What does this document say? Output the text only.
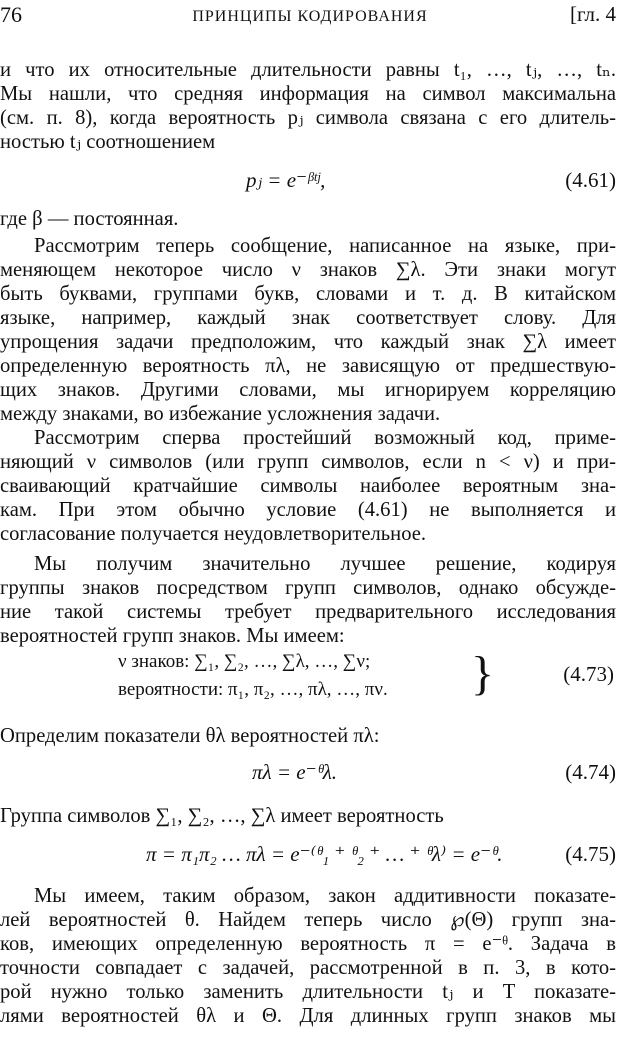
76	ПРИНЦИПЫ КОДИРОВАНИЯ	[гл. 4
и что их относительные длительности равны t₁, …, tⱼ, …, tₙ.
Мы нашли, что средняя информация на символ максимальна
(см. п. 8), когда вероятность pⱼ символа связана с его длитель-
ностью tⱼ соотношением
pⱼ = e⁻ᵝᵗʲ,	(4.61)
где β — постоянная.
Рассмотрим теперь сообщение, написанное на языке, при-
меняющем некоторое число ν знаков ∑λ. Эти знаки могут
быть буквами, группами букв, словами и т. д. В китайском
языке, например, каждый знак соответствует слову. Для
упрощения задачи предположим, что каждый знак ∑λ имеет
определенную вероятность πλ, не зависящую от предшествую-
щих знаков. Другими словами, мы игнорируем корреляцию
между знаками, во избежание усложнения задачи.
Рассмотрим сперва простейший возможный код, приме-
няющий ν символов (или групп символов, если n < ν) и при-
сваивающий кратчайшие символы наиболее вероятным зна-
кам. При этом обычно условие (4.61) не выполняется и
согласование получается неудовлетворительное.
Мы получим значительно лучшее решение, кодируя
группы знаков посредством групп символов, однако обсужде-
ние такой системы требует предварительного исследования
вероятностей групп знаков. Мы имеем:
ν знаков: ∑₁, ∑₂, …, ∑λ, …, ∑ν;
вероятности: π₁, π₂, …, πλ, …, πν.	}	(4.73)
Определим показатели θλ вероятностей πλ:
πλ = e⁻ᶿλ.	(4.74)
Группа символов ∑₁, ∑₂, …, ∑λ имеет вероятность
π = π₁π₂ … πλ = e⁻⁽ᶿ₁ ⁺ ᶿ₂ ⁺ … ⁺ ᶿλ⁾ = e⁻ᶿ.	(4.75)
Мы имеем, таким образом, закон аддитивности показате-
лей вероятностей θ. Найдем теперь число ℘(Θ) групп зна-
ков, имеющих определенную вероятность π = e⁻ᶿ. Задача в
точности совпадает с задачей, рассмотренной в п. 3, в кото-
рой нужно только заменить длительности tⱼ и T показате-
лями вероятностей θλ и Θ. Для длинных групп знаков мы
